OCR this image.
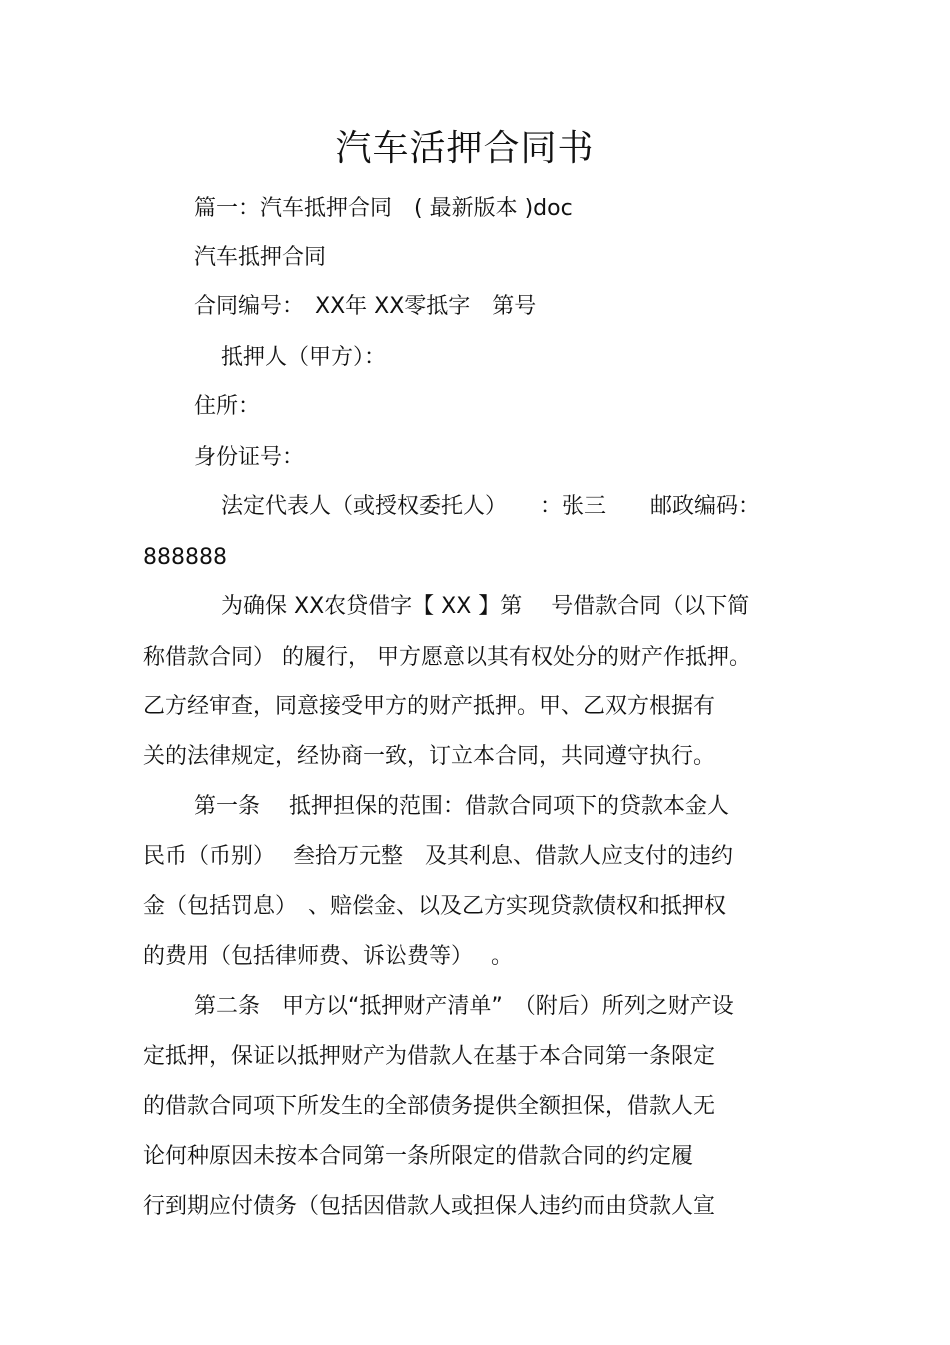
汽车活押合同书
篇一：汽车抵押合同　( 最新版本 )doc
汽车抵押合同
合同编号：　XX年 XX零抵字　第号
抵押人（甲方）：
住所：
身份证号：
法定代表人（或授权委托人）　　：张三　　邮政编码：
888888
为确保 XX农贷借字【 XX 】第　 号借款合同（以下简
称借款合同） 的履行， 甲方愿意以其有权处分的财产作抵押。
乙方经审查，同意接受甲方的财产抵押。甲、乙双方根据有
关的法律规定，经协商一致，订立本合同，共同遵守执行。
第一条　 抵押担保的范围：借款合同项下的贷款本金人
民币（币别）　 叁拾万元整　及其利息、借款人应支付的违约
金（包括罚息）　、赔偿金、以及乙方实现贷款债权和抵押权
的费用（包括律师费、诉讼费等）　 。
第二条　甲方以“抵押财产清单”　（附后）所列之财产设
定抵押，保证以抵押财产为借款人在基于本合同第一条限定
的借款合同项下所发生的全部债务提供全额担保，借款人无
论何种原因未按本合同第一条所限定的借款合同的约定履
行到期应付债务（包括因借款人或担保人违约而由贷款人宣
